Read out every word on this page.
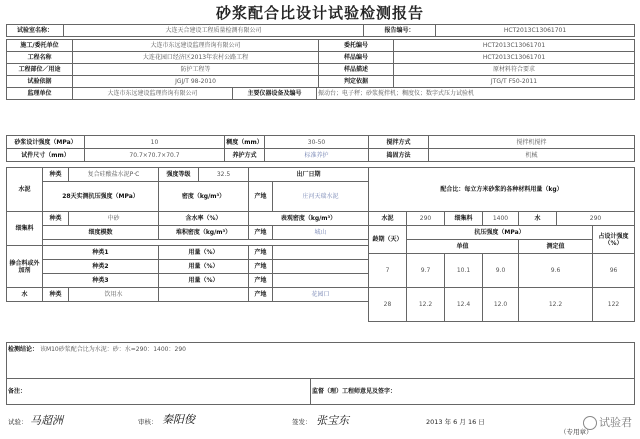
砂浆配合比设计试验检测报告
试验室名称：	大连天合建设工程质量检测有限公司	报告编号：	HCT2013C13061701
施工/委托单位	大连市东远建设监理咨询有限公司	委托编号	HCT2013C13061701
工程名称	大连花园口经济区2013年农村公路工程	样品编号	HCT2013C13061701
工程部位／用途	防护工程等	样品描述	原材料符合要求
试验依据	JGJ/T 98-2010	判定依据	JTG/T F50-2011
监理单位	大连市东远建设监理咨询有限公司	主要仪器设备及编号	振动台；电子秤；砂浆搅拌机；稠度仪；数字式压力试验机
砂浆设计强度（MPa）	10	稠度（mm）	30-50	搅拌方式	搅拌机搅拌
试件尺寸（mm）	70.7×70.7×70.7	养护方式	标准养护	捣固方法	机械
水泥	种类	复合硅酸盐水泥P·C	强度等级	32.5	出厂日期	
	28天实测抗压强度（MPa）		密度（kg/m³）		产地	庄河天瑞水泥
细集料	种类	中砂	含水率（%）		表观密度（kg/m³）	
	细度模数		堆积密度（kg/m³）		产地	城山

掺合料或外加剂	种类1		用量（%）		产地	
	种类2		用量（%）		产地	
	种类3		用量（%）		产地	
水	种类	饮用水			产地	花园口
配合比：每立方米砂浆的各种材料用量（kg）						
水泥	290	细集料	1400	水	290	
龄期（天）	抗压强度（MPa）					占设计强度（%）
	单值			测定值		
7	9.7	10.1	9.0	9.6		96
28	12.2	12.4	12.0	12.2		122
检测结论： 该M10砂浆配合比为水泥：砂：水=290：1400：290
备注：	监督（理）工程师意见及签字：
试验： 马超洲	审核： 秦阳俊	签发： 张宝东	2013 年 6 月 16 日
（专用章）
试验君
